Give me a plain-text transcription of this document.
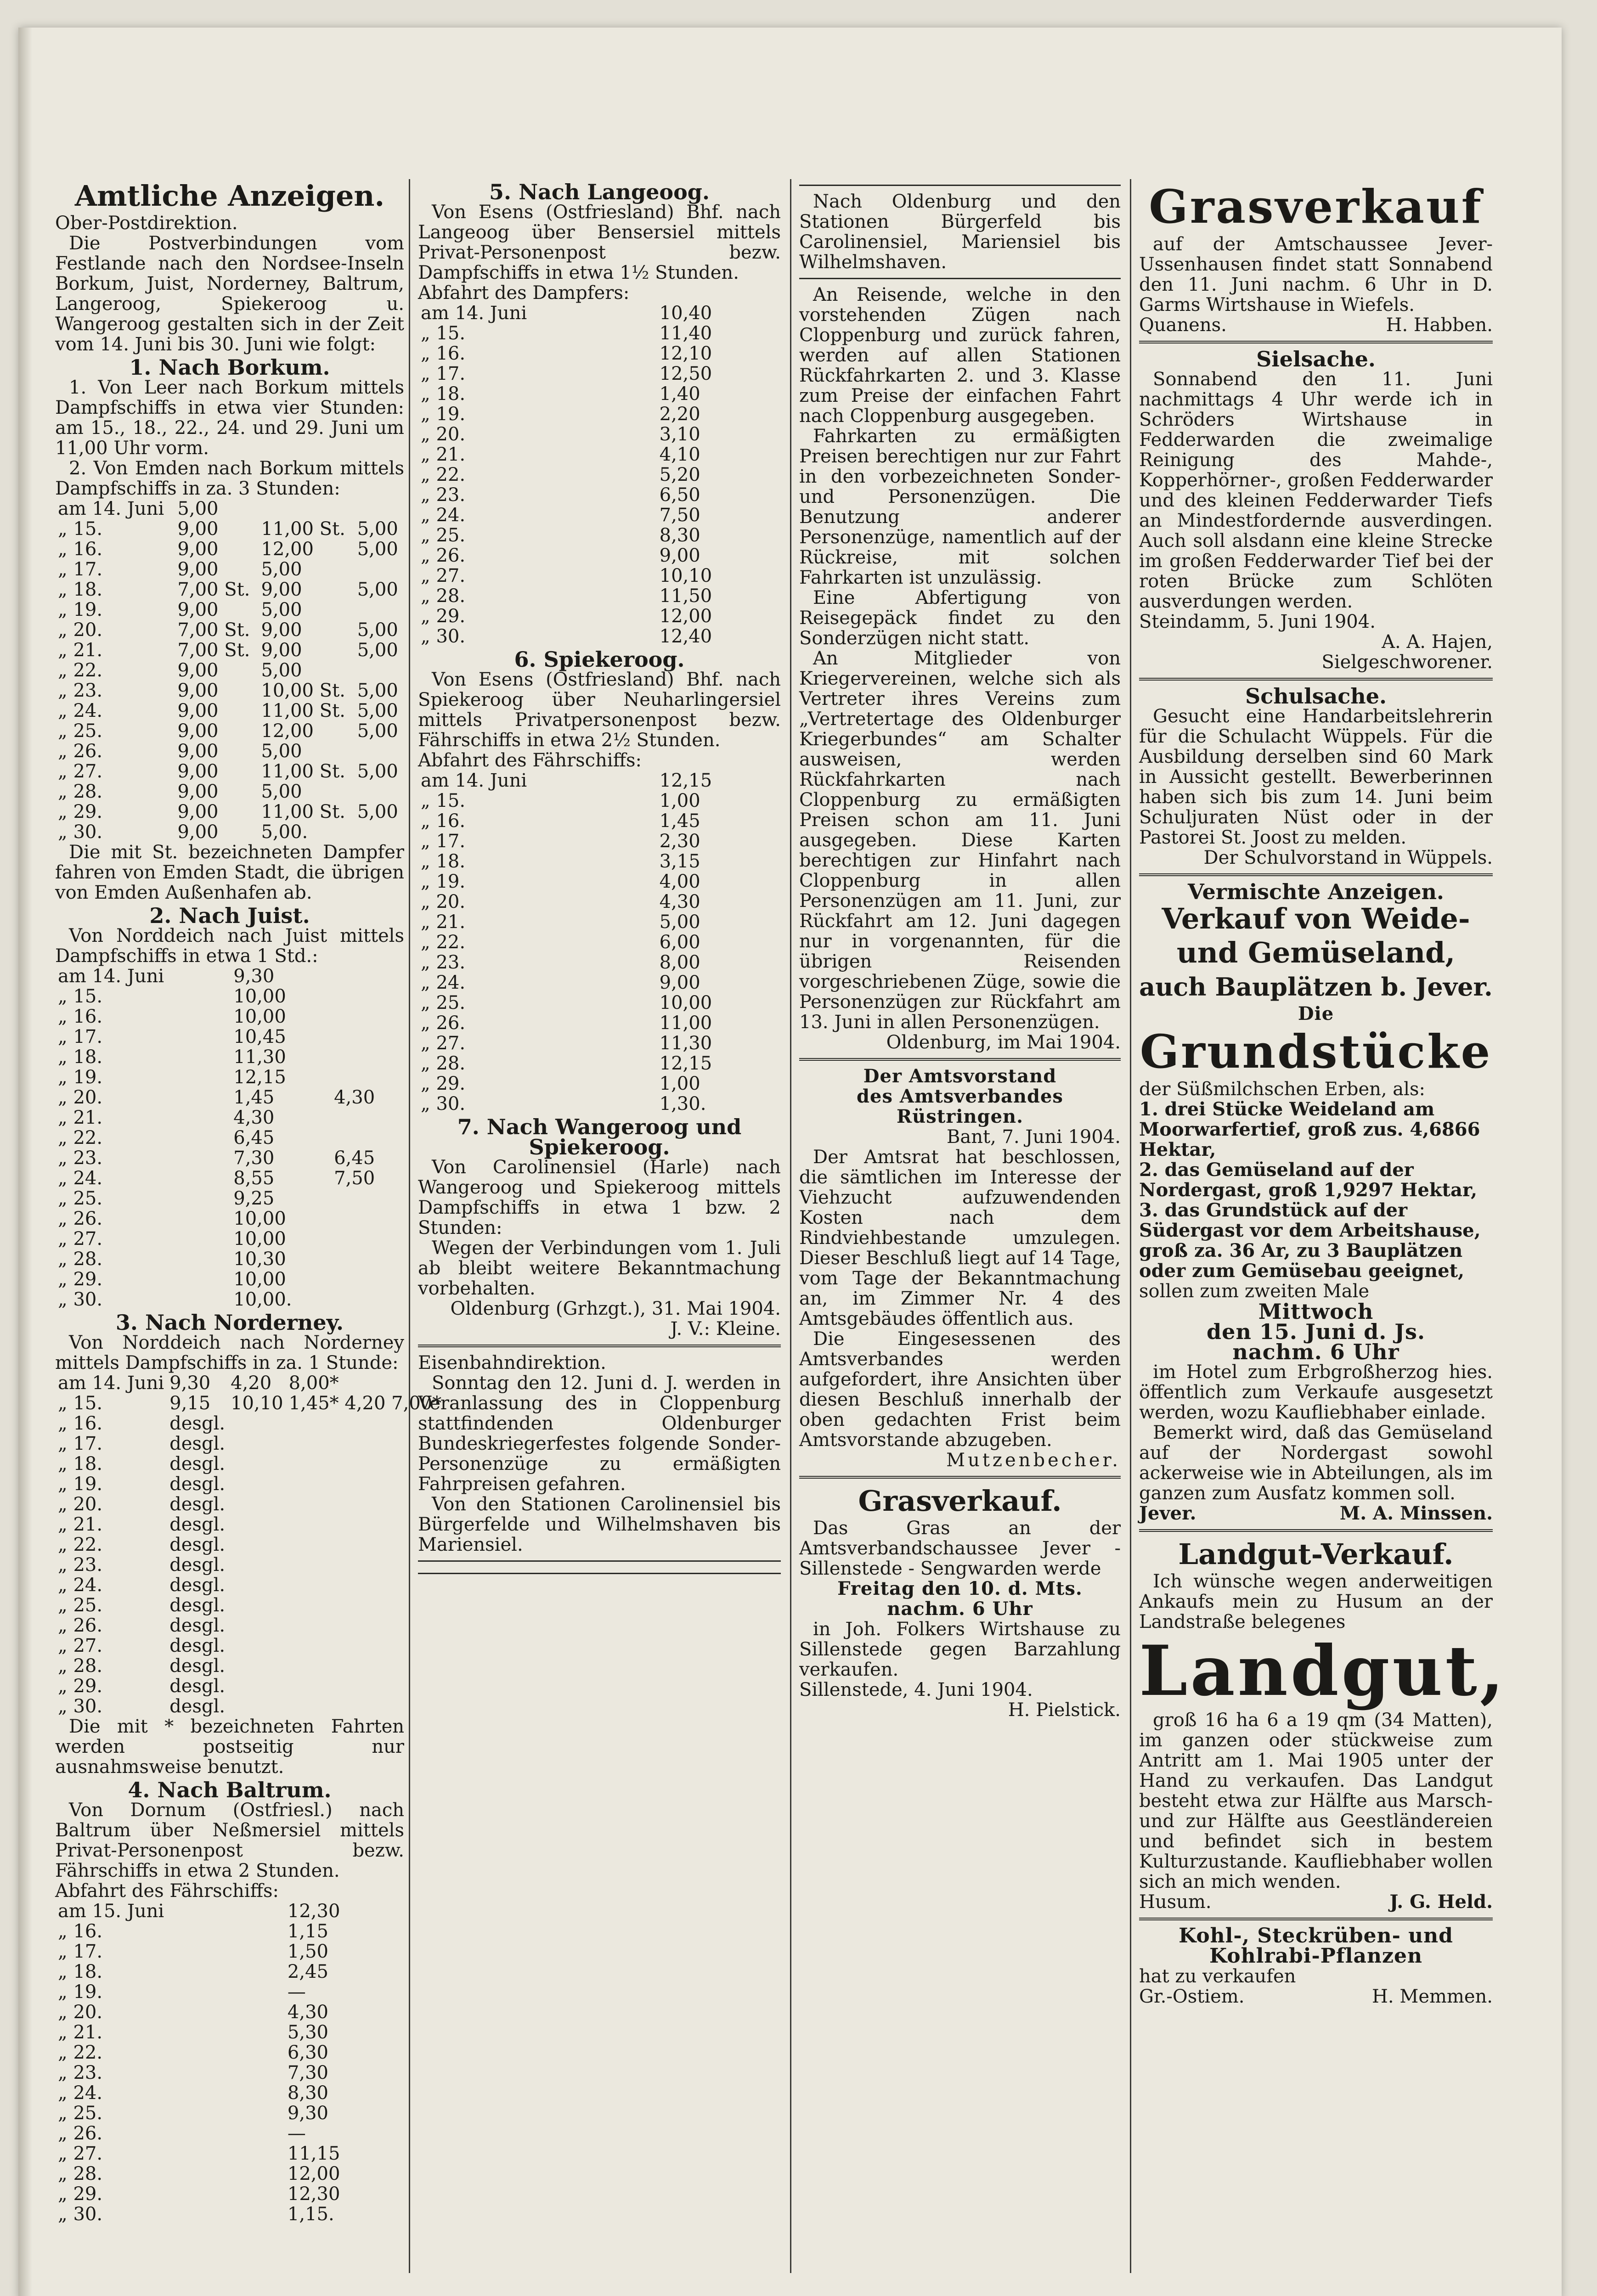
Amtliche Anzeigen.
Ober-Postdirektion.

Die Postverbindungen vom Festlande nach den Nordsee-Inseln Borkum, Juist, Norderney, Baltrum, Langeroog, Spiekeroog u. Wangeroog gestalten sich in der Zeit vom 14. Juni bis 30. Juni wie folgt:

1. Nach Borkum.

1. Von Leer nach Borkum mittels Dampfschiffs in etwa vier Stunden: am 15., 18., 22., 24. und 29. Juni um 11,00 Uhr vorm.

2. Von Emden nach Borkum mittels Dampfschiffs in za. 3 Stunden:

am 14. Juni	5,00		
„ 15.	9,00	11,00 St.	5,00
„ 16.	9,00	12,00	5,00
„ 17.	9,00	5,00	
„ 18.	7,00 St.	9,00	5,00
„ 19.	9,00	5,00	
„ 20.	7,00 St.	9,00	5,00
„ 21.	7,00 St.	9,00	5,00
„ 22.	9,00	5,00	
„ 23.	9,00	10,00 St.	5,00
„ 24.	9,00	11,00 St.	5,00
„ 25.	9,00	12,00	5,00
„ 26.	9,00	5,00	
„ 27.	9,00	11,00 St.	5,00
„ 28.	9,00	5,00	
„ 29.	9,00	11,00 St.	5,00
„ 30.	9,00	5,00.	

Die mit St. bezeichneten Dampfer fahren von Emden Stadt, die übrigen von Emden Außenhafen ab.

2. Nach Juist.

Von Norddeich nach Juist mittels Dampfschiffs in etwa 1 Std.:

am 14. Juni	9,30	
„ 15.	10,00	
„ 16.	10,00	
„ 17.	10,45	
„ 18.	11,30	
„ 19.	12,15	
„ 20.	1,45	4,30
„ 21.	4,30	
„ 22.	6,45	
„ 23.	7,30	6,45
„ 24.	8,55	7,50
„ 25.	9,25	
„ 26.	10,00	
„ 27.	10,00	
„ 28.	10,30	
„ 29.	10,00	
„ 30.	10,00.	
3. Nach Norderney.

Von Norddeich nach Norderney mittels Dampfschiffs in za. 1 Stunde:

am 14. Juni	9,30	4,20	8,00*
„ 15.	9,15	10,10	1,45* 4,20 7,00*
„ 16.	desgl.		
„ 17.	desgl.		
„ 18.	desgl.		
„ 19.	desgl.		
„ 20.	desgl.		
„ 21.	desgl.		
„ 22.	desgl.		
„ 23.	desgl.		
„ 24.	desgl.		
„ 25.	desgl.		
„ 26.	desgl.		
„ 27.	desgl.		
„ 28.	desgl.		
„ 29.	desgl.		
„ 30.	desgl.		

Die mit * bezeichneten Fahrten werden postseitig nur ausnahmsweise benutzt.

4. Nach Baltrum.

Von Dornum (Ostfriesl.) nach Baltrum über Neßmersiel mittels Privat-Personenpost bezw. Fährschiffs in etwa 2 Stunden.

Abfahrt des Fährschiffs:
am 15. Juni	12,30
„ 16.	1,15
„ 17.	1,50
„ 18.	2,45
„ 19.	—
„ 20.	4,30
„ 21.	5,30
„ 22.	6,30
„ 23.	7,30
„ 24.	8,30
„ 25.	9,30
„ 26.	—
„ 27.	11,15
„ 28.	12,00
„ 29.	12,30
„ 30.	1,15.
5. Nach Langeoog.

Von Esens (Ostfriesland) Bhf. nach Langeoog über Bensersiel mittels Privat-Personenpost bezw. Dampfschiffs in etwa 1½ Stunden.

Abfahrt des Dampfers:
am 14. Juni	10,40
„ 15.	11,40
„ 16.	12,10
„ 17.	12,50
„ 18.	1,40
„ 19.	2,20
„ 20.	3,10
„ 21.	4,10
„ 22.	5,20
„ 23.	6,50
„ 24.	7,50
„ 25.	8,30
„ 26.	9,00
„ 27.	10,10
„ 28.	11,50
„ 29.	12,00
„ 30.	12,40
6. Spiekeroog.

Von Esens (Ostfriesland) Bhf. nach Spiekeroog über Neuharlingersiel mittels Privatpersonenpost bezw. Fährschiffs in etwa 2½ Stunden.

Abfahrt des Fährschiffs:
am 14. Juni	12,15
„ 15.	1,00
„ 16.	1,45
„ 17.	2,30
„ 18.	3,15
„ 19.	4,00
„ 20.	4,30
„ 21.	5,00
„ 22.	6,00
„ 23.	8,00
„ 24.	9,00
„ 25.	10,00
„ 26.	11,00
„ 27.	11,30
„ 28.	12,15
„ 29.	1,00
„ 30.	1,30.
7. Nach Wangeroog und Spiekeroog.

Von Carolinensiel (Harle) nach Wangeroog und Spiekeroog mittels Dampfschiffs in etwa 1 bzw. 2 Stunden:

Wegen der Verbindungen vom 1. Juli ab bleibt weitere Bekanntmachung vorbehalten.

Oldenburg (Grhzgt.), 31. Mai 1904.
J. V.: Kleine.
Eisenbahndirektion.

Sonntag den 12. Juni d. J. werden in Veranlassung des in Cloppenburg stattfindenden Oldenburger Bundeskriegerfestes folgende Sonder-Personenzüge zu ermäßigten Fahrpreisen gefahren.

Von den Stationen Carolinensiel bis Bürgerfelde und Wilhelmshaven bis Mariensiel.

Nach Oldenburg und den Stationen Bürgerfeld bis Carolinensiel, Mariensiel bis Wilhelmshaven.

An Reisende, welche in den vorstehenden Zügen nach Cloppenburg und zurück fahren, werden auf allen Stationen Rückfahrkarten 2. und 3. Klasse zum Preise der einfachen Fahrt nach Cloppenburg ausgegeben.

Fahrkarten zu ermäßigten Preisen berechtigen nur zur Fahrt in den vorbezeichneten Sonder- und Personenzügen. Die Benutzung anderer Personenzüge, namentlich auf der Rückreise, mit solchen Fahrkarten ist unzulässig.

Eine Abfertigung von Reisegepäck findet zu den Sonderzügen nicht statt.

An Mitglieder von Kriegervereinen, welche sich als Vertreter ihres Vereins zum „Vertretertage des Oldenburger Kriegerbundes“ am Schalter ausweisen, werden Rückfahrkarten nach Cloppenburg zu ermäßigten Preisen schon am 11. Juni ausgegeben. Diese Karten berechtigen zur Hinfahrt nach Cloppenburg in allen Personenzügen am 11. Juni, zur Rückfahrt am 12. Juni dagegen nur in vorgenannten, für die übrigen Reisenden vorgeschriebenen Züge, sowie die Personenzügen zur Rückfahrt am 13. Juni in allen Personenzügen.

Oldenburg, im Mai 1904.
Der Amtsvorstand
des Amtsverbandes Rüstringen.
Bant, 7. Juni 1904.

Der Amtsrat hat beschlossen, die sämtlichen im Interesse der Viehzucht aufzuwendenden Kosten nach dem Rindviehbestande umzulegen. Dieser Beschluß liegt auf 14 Tage, vom Tage der Bekanntmachung an, im Zimmer Nr. 4 des Amtsgebäudes öffentlich aus.

Die Eingesessenen des Amtsverbandes werden aufgefordert, ihre Ansichten über diesen Beschluß innerhalb der oben gedachten Frist beim Amtsvorstande abzugeben.

Mutzenbecher.
Grasverkauf.

Das Gras an der Amtsverbandschaussee Jever - Sillenstede - Sengwarden werde

Freitag den 10. d. Mts. nachm. 6 Uhr

in Joh. Folkers Wirtshause zu Sillenstede gegen Barzahlung verkaufen.

Sillenstede, 4. Juni 1904.
H. Pielstick.
Grasverkauf

auf der Amtschaussee Jever-Ussenhausen findet statt Sonnabend den 11. Juni nachm. 6 Uhr in D. Garms Wirtshause in Wiefels.

Quanens.	H. Habben.
Sielsache.

Sonnabend den 11. Juni nachmittags 4 Uhr werde ich in Schröders Wirtshause in Fedderwarden die zweimalige Reinigung des Mahde-, Kopperhörner-, großen Fedderwarder und des kleinen Fedderwarder Tiefs an Mindestfordernde ausverdingen. Auch soll alsdann eine kleine Strecke im großen Fedderwarder Tief bei der roten Brücke zum Schlöten ausverdungen werden.

Steindamm, 5. Juni 1904.
A. A. Hajen,
Sielgeschworener.
Schulsache.

Gesucht eine Handarbeitslehrerin für die Schulacht Wüppels. Für die Ausbildung derselben sind 60 Mark in Aussicht gestellt. Bewerberinnen haben sich bis zum 14. Juni beim Schuljuraten Nüst oder in der Pastorei St. Joost zu melden.

Der Schulvorstand in Wüppels.
Vermischte Anzeigen.
Verkauf von Weide-
und Gemüseland,
auch Bauplätzen b. Jever.
Die
Grundstücke
der Süßmilchschen Erben, als:
1. drei Stücke Weideland am Moorwarfertief, groß zus. 4,6866 Hektar,
2. das Gemüseland auf der Nordergast, groß 1,9297 Hektar,
3. das Grundstück auf der Südergast vor dem Arbeitshause, groß za. 36 Ar, zu 3 Bauplätzen oder zum Gemüsebau geeignet,
sollen zum zweiten Male
Mittwoch
den 15. Juni d. Js.
nachm. 6 Uhr

im Hotel zum Erbgroßherzog hies. öffentlich zum Verkaufe ausgesetzt werden, wozu Kaufliebhaber einlade.

Bemerkt wird, daß das Gemüseland auf der Nordergast sowohl ackerweise wie in Abteilungen, als im ganzen zum Ausfatz kommen soll.

Jever.	M. A. Minssen.
Landgut-Verkauf.

Ich wünsche wegen anderweitigen Ankaufs mein zu Husum an der Landstraße belegenes

Landgut,

groß 16 ha 6 a 19 qm (34 Matten), im ganzen oder stückweise zum Antritt am 1. Mai 1905 unter der Hand zu verkaufen. Das Landgut besteht etwa zur Hälfte aus Marsch- und zur Hälfte aus Geestländereien und befindet sich in bestem Kulturzustande. Kaufliebhaber wollen sich an mich wenden.

Husum.	J. G. Held.
Kohl-, Steckrüben- und
Kohlrabi-Pflanzen
hat zu verkaufen
Gr.-Ostiem.	H. Memmen.
